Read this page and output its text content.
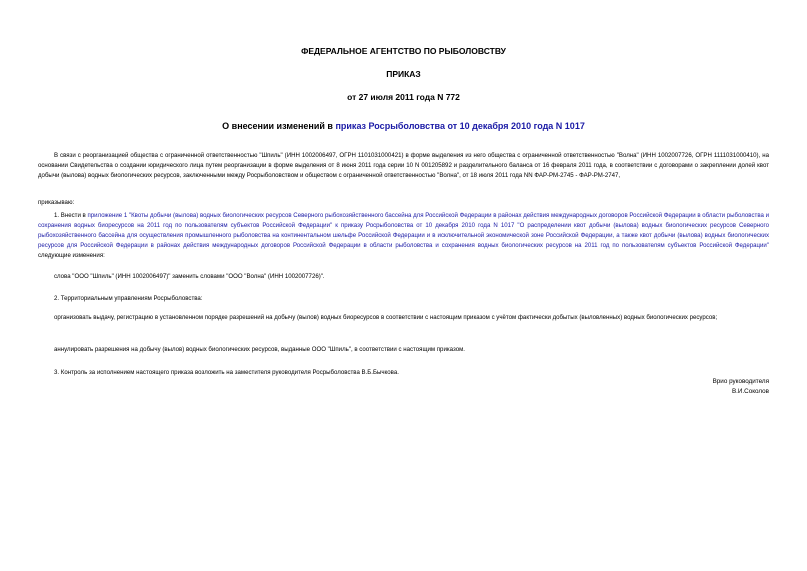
ФЕДЕРАЛЬНОЕ АГЕНТСТВО ПО РЫБОЛОВСТВУ
ПРИКАЗ
от 27 июля 2011 года N 772
О внесении изменений в приказ Росрыболовства от 10 декабря 2010 года N 1017
В связи с реорганизацией общества с ограниченной ответственностью "Шпиль" (ИНН 1002006497, ОГРН 1101031000421) в форме выделения из него общества с ограниченной ответственностью "Волна" (ИНН 1002007726, ОГРН 1111031000410), на основании Свидетельства о создании юридического лица путем реорганизации в форме выделения от 8 июня 2011 года серии 10 N 001205892 и разделительного баланса от 16 февраля 2011 года, в соответствии с договорами о закреплении долей квот добычи (вылова) водных биологических ресурсов, заключенными между Росрыболовством и обществом с ограниченной ответственностью "Волна", от 18 июля 2011 года NN ФАР-РМ-2745 - ФАР-РМ-2747,
приказываю:
1. Внести в приложение 1 "Квоты добычи (вылова) водных биологических ресурсов Северного рыбохозяйственного бассейна для Российской Федерации в районах действия международных договоров Российской Федерации в области рыболовства и сохранения водных биоресурсов на 2011 год по пользователям субъектов Российской Федерации" к приказу Росрыболовства от 10 декабря 2010 года N 1017 "О распределении квот добычи (вылова) водных биологических ресурсов Северного рыбохозяйственного бассейна для осуществления промышленного рыболовства на континентальном шельфе Российской Федерации и в исключительной экономической зоне Российской Федерации, а также квот добычи (вылова) водных биологических ресурсов для Российской Федерации в районах действия международных договоров Российской Федерации в области рыболовства и сохранения водных биологических ресурсов на 2011 год по пользователям субъектов Российской Федерации" следующие изменения:
слова "ООО "Шпиль" (ИНН 1002006497)" заменить словами "ООО "Волна" (ИНН 1002007726)".
2. Территориальным управлениям Росрыболовства:
организовать выдачу, регистрацию в установленном порядке разрешений на добычу (вылов) водных биоресурсов в соответствии с настоящим приказом с учётом фактически добытых (выловленных) водных биологических ресурсов;
аннулировать разрешения на добычу (вылов) водных биологических ресурсов, выданные ООО "Шпиль", в соответствии с настоящим приказом.
3. Контроль за исполнением настоящего приказа возложить на заместителя руководителя Росрыболовства В.Б.Бычкова.
Врио руководителя
В.И.Соколов
